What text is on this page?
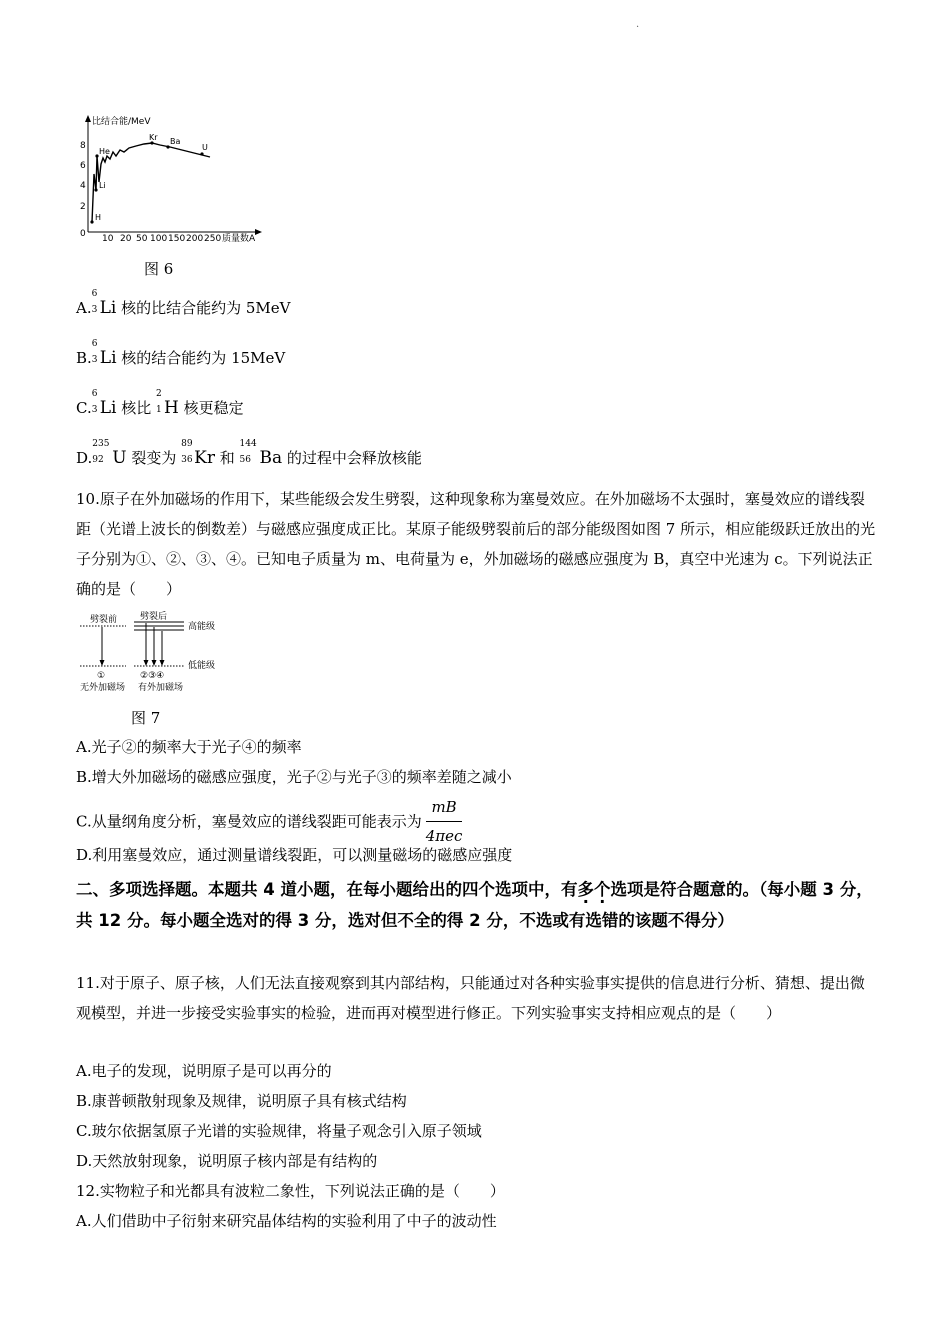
·
比结合能/MeV
8
6
4
2
0 10 20 50 100 150 200 250 质量数A
He
Li
H
Kr Ba
U
图 6
A.
6
3 Li 核的比结合能约为 5MeV
B.
6
3 Li 核的结合能约为 15MeV
C.
6
3 Li 核比
2
1 H 核更稳定
D.
235
92 U 裂变为
89
36 Kr 和
144
56 Ba 的过程中会释放核能
10.原子在外加磁场的作用下，某些能级会发生劈裂，这种现象称为塞曼效应。在外加磁场不太强时，塞曼效应的谱线裂距（光谱上波长的倒数差）与磁感应强度成正比。某原子能级劈裂前后的部分能级图如图 7 所示，相应能级跃迁放出的光子分别为①、②、③、④。已知电子质量为 m、电荷量为 e，外加磁场的磁感应强度为 B，真空中光速为 c。下列说法正确的是（　　）
劈裂前	劈裂后
高能级
低能级
①	②③④
无外加磁场 有外加磁场
图 7
A.光子②的频率大于光子④的频率
B.增大外加磁场的磁感应强度，光子②与光子③的频率差随之减小
C.从量纲角度分析，塞曼效应的谱线裂距可能表示为 $\frac{mB}{\text{4πec}}$
D.利用塞曼效应，通过测量谱线裂距，可以测量磁场的磁感应强度
二、多项选择题。本题共 4 道小题，在每小题给出的四个选项中，有多个选项是符合题意的。（每小题 3 分，共 12 分。每小题全选对的得 3 分，选对但不全的得 2 分，不选或有选错的该题不得分）
11.对于原子、原子核，人们无法直接观察到其内部结构，只能通过对各种实验事实提供的信息进行分析、猜想、提出微观模型，并进一步接受实验事实的检验，进而再对模型进行修正。下列实验事实支持相应观点的是（　　）
A.电子的发现，说明原子是可以再分的
B.康普顿散射现象及规律，说明原子具有核式结构
C.玻尔依据氢原子光谱的实验规律，将量子观念引入原子领域
D.天然放射现象，说明原子核内部是有结构的
12.实物粒子和光都具有波粒二象性，下列说法正确的是（　　）
A.人们借助中子衍射来研究晶体结构的实验利用了中子的波动性
